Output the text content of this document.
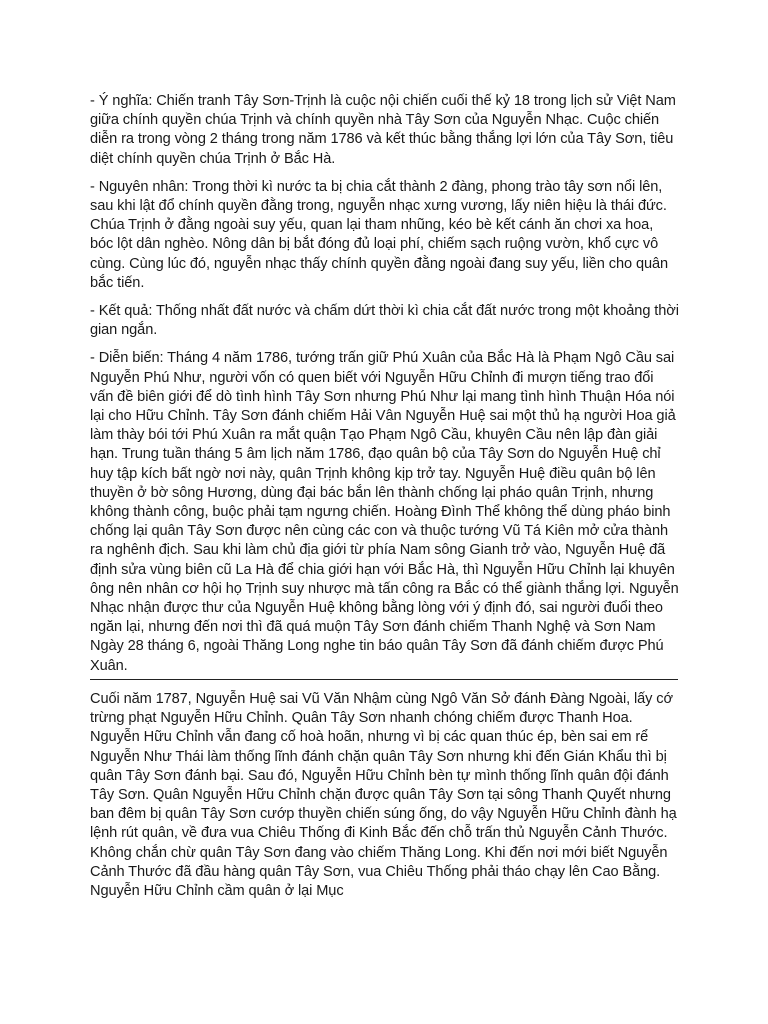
- Ý nghĩa: Chiến tranh Tây Sơn-Trịnh là cuộc nội chiến cuối thế kỷ 18 trong lịch sử Việt Nam giữa chính quyền chúa Trịnh và chính quyền nhà Tây Sơn của Nguyễn Nhạc. Cuộc chiến diễn ra trong vòng 2 tháng trong năm 1786 và kết thúc bằng thắng lợi lớn của Tây Sơn, tiêu diệt chính quyền chúa Trịnh ở Bắc Hà.

- Nguyên nhân: Trong thời kì nước ta bị chia cắt thành 2 đàng, phong trào tây sơn nổi lên, sau khi lật đổ chính quyền đằng trong, nguyễn nhạc xưng vương, lấy niên hiệu là thái đức. Chúa Trịnh ở đằng ngoài suy yếu, quan lại tham nhũng, kéo bè kết cánh ăn chơi xa hoa, bóc lột dân nghèo. Nông dân bị bắt đóng đủ loại phí, chiếm sạch ruộng vườn, khổ cực vô cùng. Cùng lúc đó, nguyễn nhạc thấy chính quyền đằng ngoài đang suy yếu, liền cho quân bắc tiến.

- Kết quả: Thống nhất đất nước và chấm dứt thời kì chia cắt đất nước trong một khoảng thời gian ngắn.

- Diễn biến: Tháng 4 năm 1786, tướng trấn giữ Phú Xuân của Bắc Hà là Phạm Ngô Cầu sai Nguyễn Phú Như, người vốn có quen biết với Nguyễn Hữu Chỉnh đi mượn tiếng trao đổi vấn đề biên giới để dò tình hình Tây Sơn nhưng Phú Như lại mang tình hình Thuận Hóa nói lại cho Hữu Chỉnh. Tây Sơn đánh chiếm Hải Vân Nguyễn Huệ sai một thủ hạ người Hoa giả làm thày bói tới Phú Xuân ra mắt quận Tạo Phạm Ngô Cầu, khuyên Cầu nên lập đàn giải hạn. Trung tuần tháng 5 âm lịch năm 1786, đạo quân bộ của Tây Sơn do Nguyễn Huệ chỉ huy tập kích bất ngờ nơi này, quân Trịnh không kịp trở tay. Nguyễn Huệ điều quân bộ lên thuyền ở bờ sông Hương, dùng đại bác bắn lên thành chống lại pháo quân Trịnh, nhưng không thành công, buộc phải tạm ngưng chiến. Hoàng Đình Thể không thể dùng pháo binh chống lại quân Tây Sơn được nên cùng các con và thuộc tướng Vũ Tá Kiên mở cửa thành ra nghênh địch. Sau khi làm chủ địa giới từ phía Nam sông Gianh trở vào, Nguyễn Huệ đã định sửa vùng biên cũ La Hà để chia giới hạn với Bắc Hà, thì Nguyễn Hữu Chỉnh lại khuyên ông nên nhân cơ hội họ Trịnh suy nhược mà tấn công ra Bắc có thể giành thắng lợi. Nguyễn Nhạc nhận được thư của Nguyễn Huệ không bằng lòng với ý định đó, sai người đuổi theo ngăn lại, nhưng đến nơi thì đã quá muộn Tây Sơn đánh chiếm Thanh Nghệ và Sơn Nam Ngày 28 tháng 6, ngoài Thăng Long nghe tin báo quân Tây Sơn đã đánh chiếm được Phú Xuân.

Cuối năm 1787, Nguyễn Huệ sai Vũ Văn Nhậm cùng Ngô Văn Sở đánh Đàng Ngoài, lấy cớ trừng phạt Nguyễn Hữu Chỉnh. Quân Tây Sơn nhanh chóng chiếm được Thanh Hoa. Nguyễn Hữu Chỉnh vẫn đang cố hoà hoãn, nhưng vì bị các quan thúc ép, bèn sai em rể Nguyễn Như Thái làm thống lĩnh đánh chặn quân Tây Sơn nhưng khi đến Gián Khẩu thì bị quân Tây Sơn đánh bại. Sau đó, Nguyễn Hữu Chỉnh bèn tự mình thống lĩnh quân đội đánh Tây Sơn. Quân Nguyễn Hữu Chỉnh chặn được quân Tây Sơn tại sông Thanh Quyết nhưng ban đêm bị quân Tây Sơn cướp thuyền chiến súng ống, do vậy Nguyễn Hữu Chỉnh đành hạ lệnh rút quân, về đưa vua Chiêu Thống đi Kinh Bắc đến chỗ trấn thủ Nguyễn Cảnh Thước. Không chắn chừ quân Tây Sơn đang vào chiếm Thăng Long. Khi đến nơi mới biết Nguyễn Cảnh Thước đã đầu hàng quân Tây Sơn, vua Chiêu Thống phải tháo chạy lên Cao Bằng. Nguyễn Hữu Chỉnh cầm quân ở lại Mục
